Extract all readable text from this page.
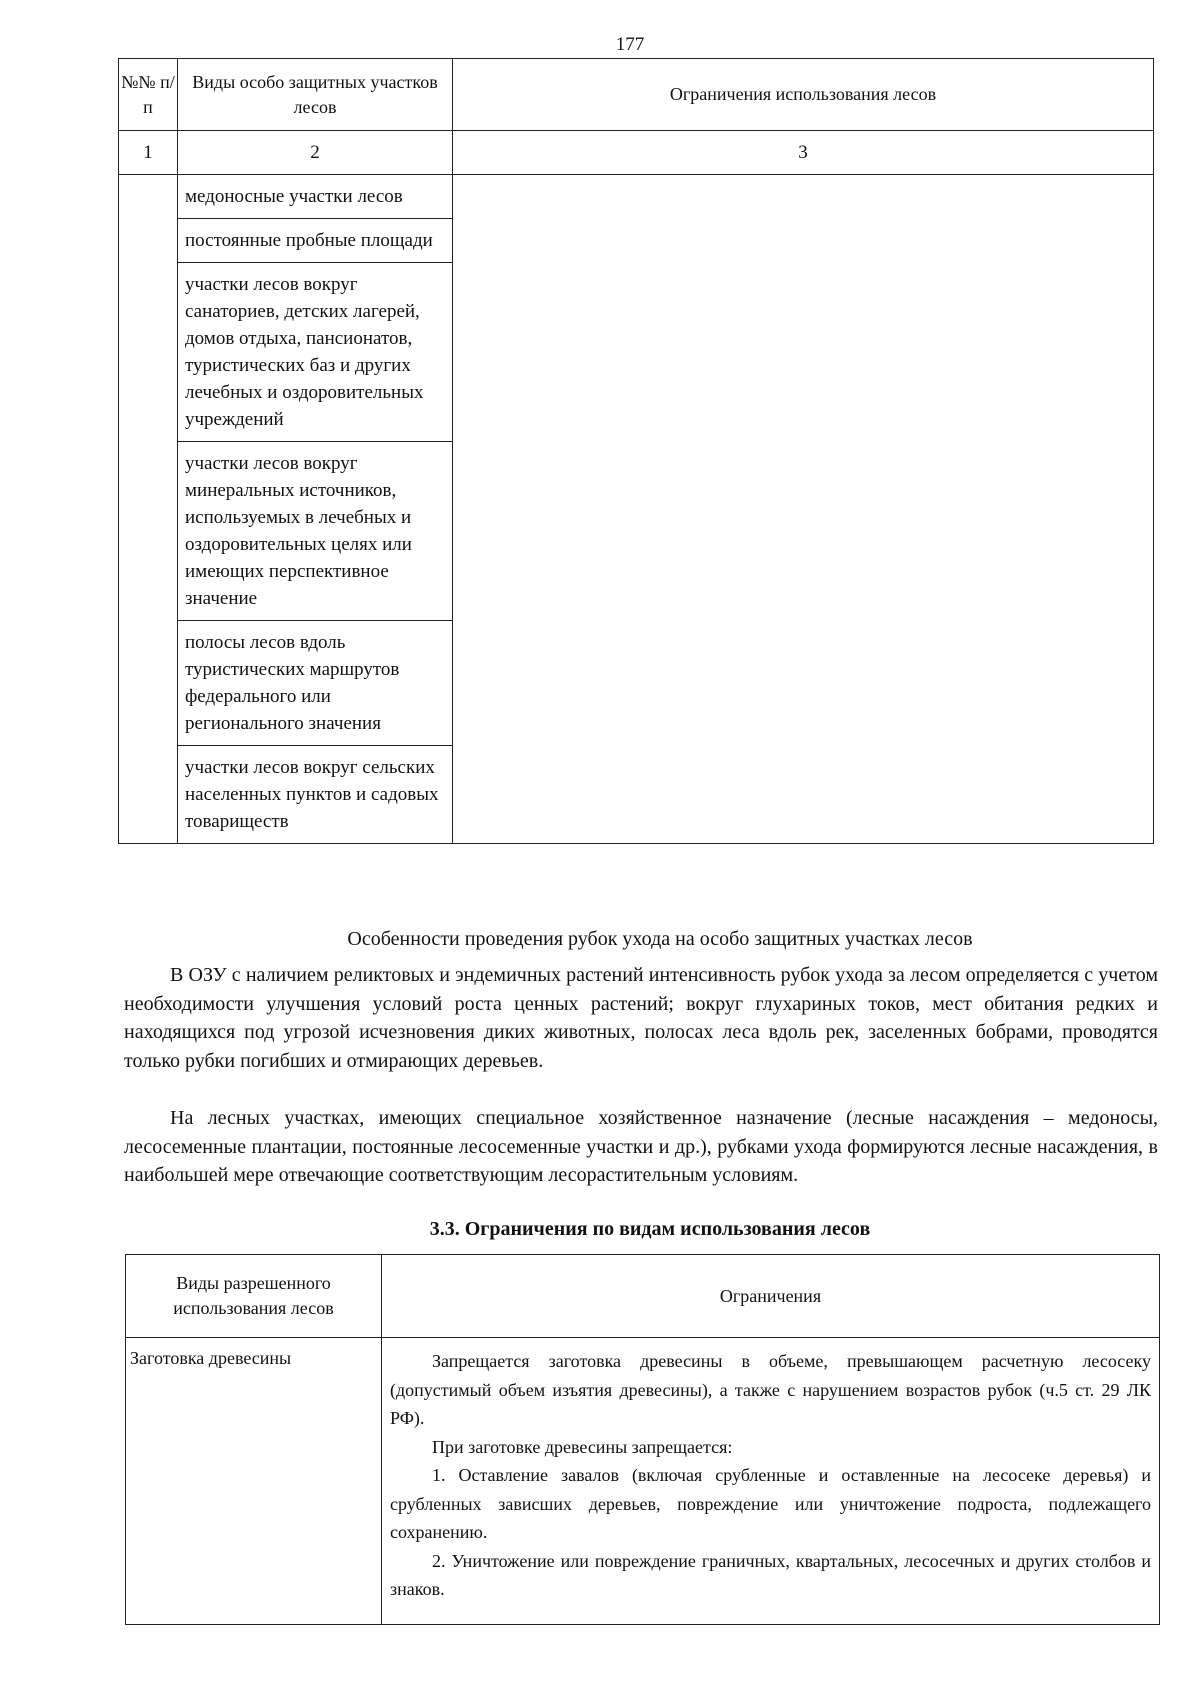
177
№№ п/п	Виды особо защитных участков лесов	Ограничения использования лесов
1	2	3
	медоносные участки лесов	
	постоянные пробные площади	
	участки лесов вокруг санаториев, детских лагерей, домов отдыха, пансионатов, туристических баз и других лечебных и оздоровительных учреждений	
	участки лесов вокруг минеральных источников, используемых в лечебных и оздоровительных целях или имеющих перспективное значение	
	полосы лесов вдоль туристических маршрутов федерального или регионального значения	
	участки лесов вокруг сельских населенных пунктов и садовых товариществ	
Особенности проведения рубок ухода на особо защитных участках лесов

В ОЗУ с наличием реликтовых и эндемичных растений интенсивность рубок ухода за лесом определяется с учетом необходимости улучшения условий роста ценных растений; вокруг глухариных токов, мест обитания редких и находящихся под угрозой исчезновения диких животных, полосах леса вдоль рек, заселенных бобрами, проводятся только рубки погибших и отмирающих деревьев.

На лесных участках, имеющих специальное хозяйственное назначение (лесные насаждения – медоносы, лесосеменные плантации, постоянные лесосеменные участки и др.), рубками ухода формируются лесные насаждения, в наибольшей мере отвечающие соответствующим лесорастительным условиям.

3.3. Ограничения по видам использования лесов
Виды разрешенного использования лесов	Ограничения
Заготовка древесины	Запрещается заготовка древесины в объеме, превышающем расчетную лесосеку (допустимый объем изъятия древесины), а также с нарушением возрастов рубок (ч.5 ст. 29 ЛК РФ).

При заготовке древесины запрещается:

1. Оставление завалов (включая срубленные и оставленные на лесосеке деревья) и срубленных зависших деревьев, повреждение или уничтожение подроста, подлежащего сохранению.

2. Уничтожение или повреждение граничных, квартальных, лесосечных и других столбов и знаков.
